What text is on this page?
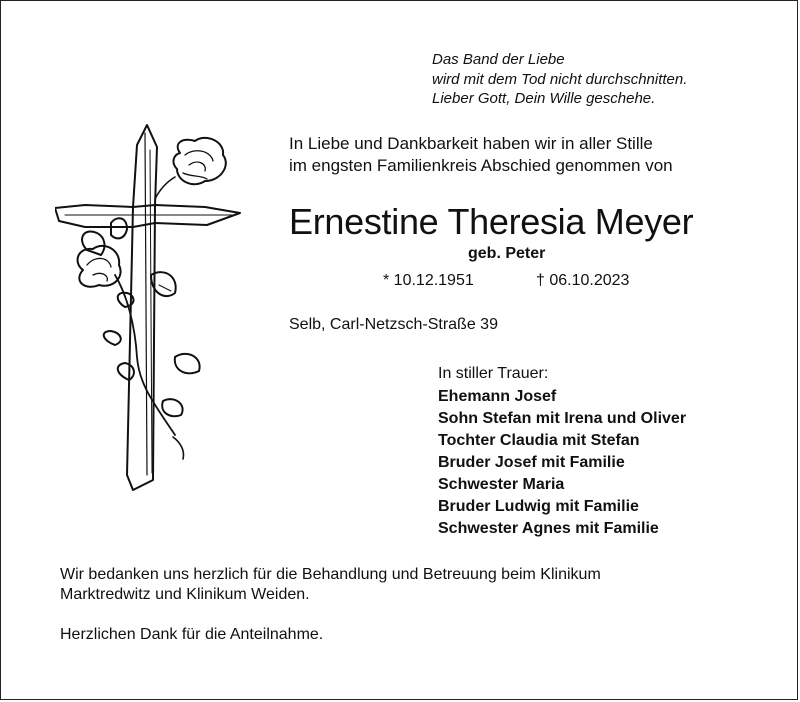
Das Band der Liebe
wird mit dem Tod nicht durchschnitten.
Lieber Gott, Dein Wille geschehe.
In Liebe und Dankbarkeit haben wir in aller Stille
im engsten Familienkreis Abschied genommen von
Ernestine Theresia Meyer
geb. Peter
* 10.12.1951	† 06.10.2023
Selb, Carl-Netzsch-Straße 39
In stiller Trauer:
Ehemann Josef
Sohn Stefan mit Irena und Oliver
Tochter Claudia mit Stefan
Bruder Josef mit Familie
Schwester Maria
Bruder Ludwig mit Familie
Schwester Agnes mit Familie
Wir bedanken uns herzlich für die Behandlung und Betreuung beim Klinikum
Marktredwitz und Klinikum Weiden.
Herzlichen Dank für die Anteilnahme.
